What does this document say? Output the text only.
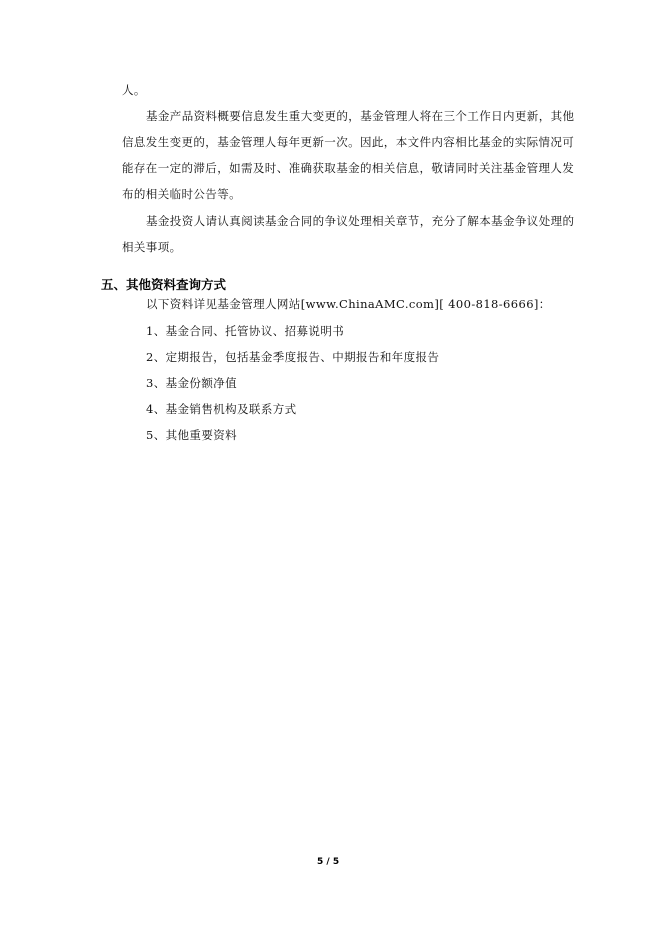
人。
基金产品资料概要信息发生重大变更的，基金管理人将在三个工作日内更新，其他
信息发生变更的，基金管理人每年更新一次。因此，本文件内容相比基金的实际情况可
能存在一定的滞后，如需及时、准确获取基金的相关信息，敬请同时关注基金管理人发
布的相关临时公告等。
基金投资人请认真阅读基金合同的争议处理相关章节，充分了解本基金争议处理的
相关事项。
五、其他资料查询方式
以下资料详见基金管理人网站[www.ChinaAMC.com][ 400-818-6666]：
1、基金合同、托管协议、招募说明书
2、定期报告，包括基金季度报告、中期报告和年度报告
3、基金份额净值
4、基金销售机构及联系方式
5、其他重要资料
5 / 5
